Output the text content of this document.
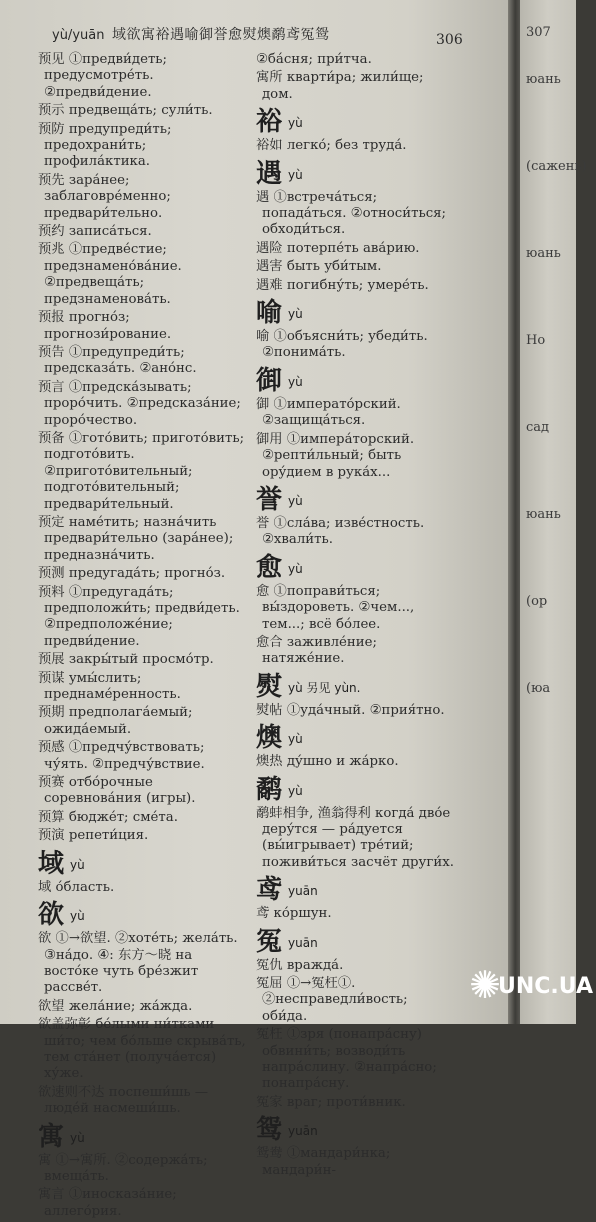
yù/yuān 域欲寓裕遇喻御誉愈熨燠鹬鸢冤鸳	306
预见 ①предви́деть; предусмотре́ть. ②предви́дение.
预示 предвеща́ть; сули́ть.
预防 предупреди́ть; предохрани́ть; профила́ктика.
预先 зара́нее; заблаговре́менно; предвари́тельно.
预约 записа́ться.
预兆 ①предве́стие; предзнамено́ва́ние. ②предвеща́ть; предзнаменова́ть.
预报 прогно́з; прогнози́рование.
预告 ①предупреди́ть; предсказа́ть. ②ано́нс.
预言 ①предска́зывать; проро́чить. ②предсказа́ние; проро́чество.
预备 ①гото́вить; пригото́вить; подгото́вить. ②пригото́вительный; подгото́вительный; предвари́тельный.
预定 наме́тить; назна́чить предвари́тельно (зара́нее); предназна́чить.
预测 предугада́ть; прогно́з.
预料 ①предугада́ть; предположи́ть; предви́деть. ②предположе́ние; предви́дение.
预展 закры́тый просмо́тр.
预谋 умы́слить; преднаме́ренность.
预期 предполага́емый; ожида́емый.
预感 ①предчу́вствовать; чу́ять. ②предчу́вствие.
预赛 отбо́рочные соревнова́ния (игры).
预算 бюдже́т; сме́та.
预演 репети́ция.
域yù
域 о́бласть.
欲yù
欲 ①→欲望. ②хоте́ть; жела́ть. ③на́до. ④: 东方～晓 на восто́ке чуть бре́зжит рассве́т.
欲望 жела́ние; жа́жда.
欲盖弥彰 бе́лыми ни́тками ши́то; чем бо́льше скрыва́ть, тем ста́нет (получа́ется) ху́же.
欲速则不达 поспеши́шь — люде́й насмеши́шь.
寓yù
寓 ①→寓所. ②содержа́ть; вмеща́ть.
寓言 ①иносказа́ние; аллего́рия.
②ба́сня; при́тча.
寓所 кварти́ра; жили́ще; дом.
裕yù
裕如 легко́; без труда́.
遇yù
遇 ①встреча́ться; попада́ться. ②относи́ться; обходи́ться.
遇险 потерпе́ть ава́рию.
遇害 быть уби́тым.
遇难 погибну́ть; умере́ть.
喻yù
喻 ①объясни́ть; убеди́ть. ②понима́ть.
御yù
御 ①императо́рский. ②защища́ться.
御用 ①импера́торский. ②репти́льный; быть ору́дием в рука́х...
誉yù
誉 ①сла́ва; изве́стность. ②хвали́ть.
愈yù
愈 ①поправи́ться; вы́здороветь. ②чем..., тем...; всё бо́лее.
愈合 заживле́ние; натяже́ние.
熨yù 另见 yùn.
熨帖 ①уда́чный. ②прия́тно.
燠yù
燠热 ду́шно и жа́рко.
鹬yù
鹬蚌相争, 渔翁得利 когда́ дво́е деру́тся — ра́дуется (вы́игрывает) тре́тий; поживи́ться засчёт други́х.
鸢yuān
鸢 ко́ршун.
冤yuān
冤仇 вражда́.
冤屈 ①→冤枉①. ②несправедли́вость; оби́да.
冤枉 ①зря (понапра́сну) обвини́ть; возводи́ть напра́слину. ②напра́сно; понапра́сну.
冤家 враг; проти́вник.
鸳yuān
鸳鸯 ①мандари́нка; мандари́н-
307
юань
(сажень)
юань
Но
сад
юань
(ор
(юа
✺
UNC.UA
